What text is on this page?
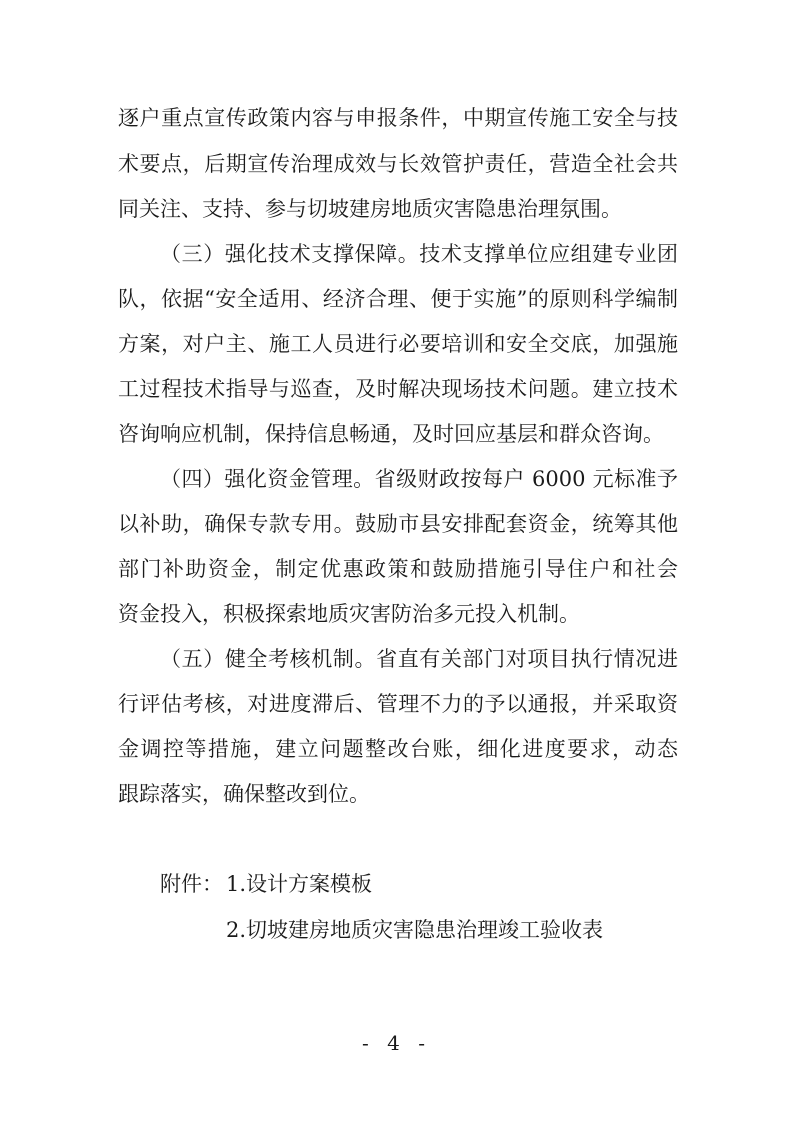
逐户重点宣传政策内容与申报条件，中期宣传施工安全与技
术要点，后期宣传治理成效与长效管护责任，营造全社会共
同关注、支持、参与切坡建房地质灾害隐患治理氛围。
（三）强化技术支撑保障。技术支撑单位应组建专业团
队，依据“安全适用、经济合理、便于实施”的原则科学编制
方案，对户主、施工人员进行必要培训和安全交底，加强施
工过程技术指导与巡查，及时解决现场技术问题。建立技术
咨询响应机制，保持信息畅通，及时回应基层和群众咨询。
（四）强化资金管理。省级财政按每户 6000 元标准予
以补助，确保专款专用。鼓励市县安排配套资金，统筹其他
部门补助资金，制定优惠政策和鼓励措施引导住户和社会
资金投入，积极探索地质灾害防治多元投入机制。
（五）健全考核机制。省直有关部门对项目执行情况进
行评估考核，对进度滞后、管理不力的予以通报，并采取资
金调控等措施，建立问题整改台账，细化进度要求，动态
跟踪落实，确保整改到位。
附件： 1.设计方案模板
2.切坡建房地质灾害隐患治理竣工验收表
- 4 -
